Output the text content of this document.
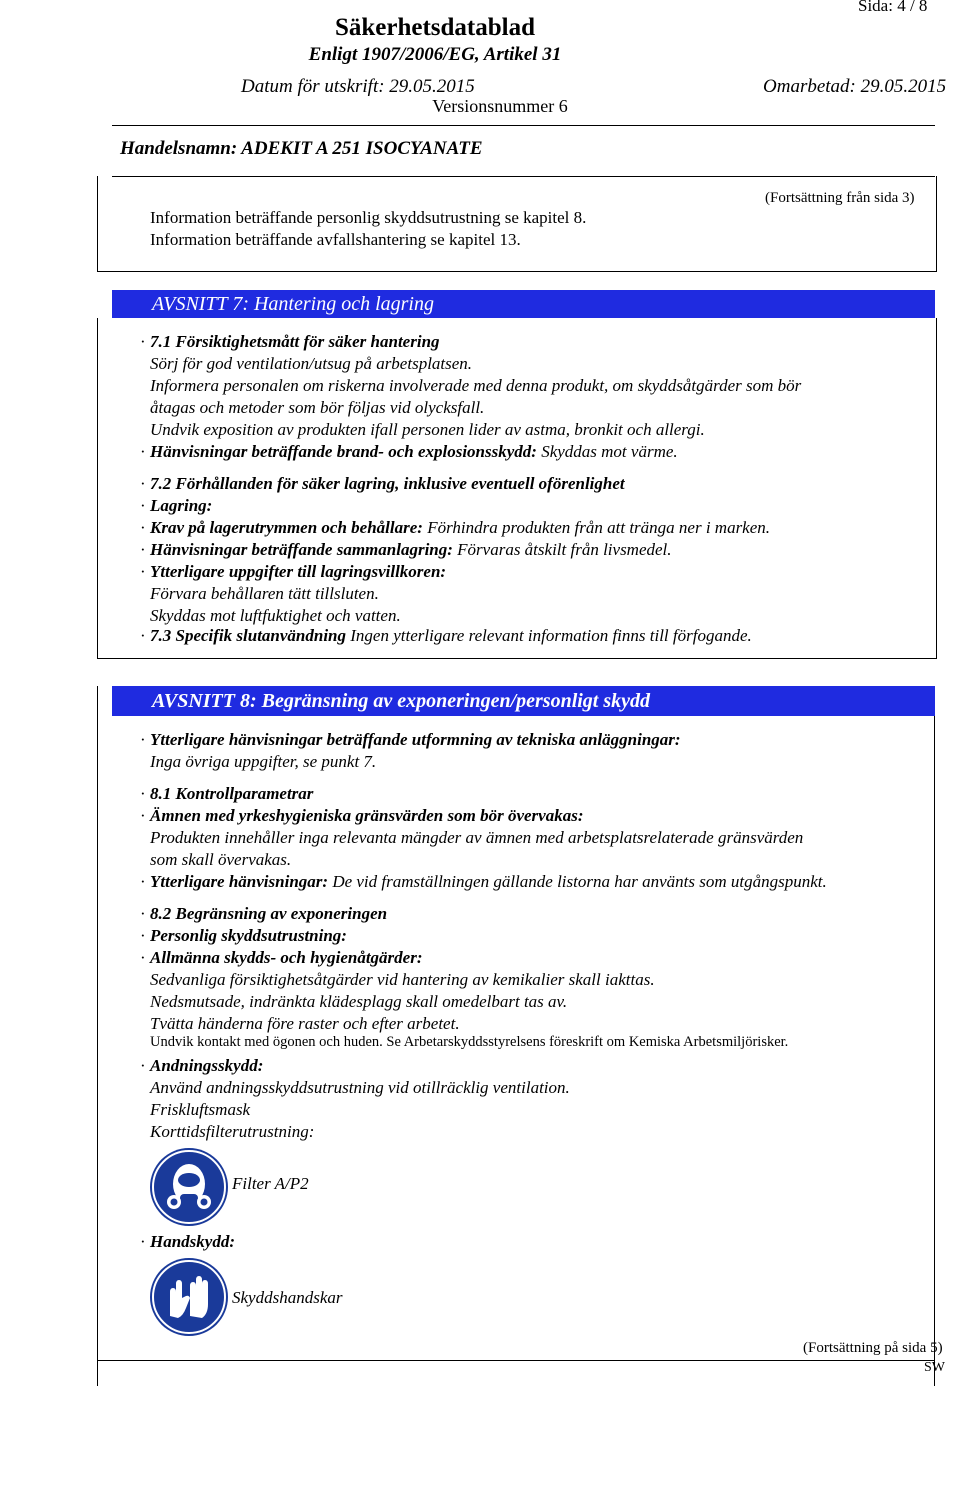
Sida: 4 / 8
Säkerhetsdatablad
Enligt 1907/2006/EG, Artikel 31
Datum för utskrift: 29.05.2015	Omarbetad: 29.05.2015
Versionsnummer 6
Handelsnamn: ADEKIT A 251 ISOCYANATE
(Fortsättning från sida 3)
Information beträffande personlig skyddsutrustning se kapitel 8.
Information beträffande avfallshantering se kapitel 13.
AVSNITT 7: Hantering och lagring
· 7.1 Försiktighetsmått för säker hantering
Sörj för god ventilation/utsug på arbetsplatsen.
Informera personalen om riskerna involverade med denna produkt, om skyddsåtgärder som bör
åtagas och metoder som bör följas vid olycksfall.
Undvik exposition av produkten ifall personen lider av astma, bronkit och allergi.
· Hänvisningar beträffande brand- och explosionsskydd: Skyddas mot värme.
· 7.2 Förhållanden för säker lagring, inklusive eventuell oförenlighet
· Lagring:
· Krav på lagerutrymmen och behållare: Förhindra produkten från att tränga ner i marken.
· Hänvisningar beträffande sammanlagring: Förvaras åtskilt från livsmedel.
· Ytterligare uppgifter till lagringsvillkoren:
Förvara behållaren tätt tillsluten.
Skyddas mot luftfuktighet och vatten.
· 7.3 Specifik slutanvändning Ingen ytterligare relevant information finns till förfogande.
AVSNITT 8: Begränsning av exponeringen/personligt skydd
· Ytterligare hänvisningar beträffande utformning av tekniska anläggningar:
Inga övriga uppgifter, se punkt 7.
· 8.1 Kontrollparametrar
· Ämnen med yrkeshygieniska gränsvärden som bör övervakas:
Produkten innehåller inga relevanta mängder av ämnen med arbetsplatsrelaterade gränsvärden
som skall övervakas.
· Ytterligare hänvisningar: De vid framställningen gällande listorna har använts som utgångspunkt.
· 8.2 Begränsning av exponeringen
· Personlig skyddsutrustning:
· Allmänna skydds- och hygienåtgärder:
Sedvanliga försiktighetsåtgärder vid hantering av kemikalier skall iakttas.
Nedsmutsade, indränkta klädesplagg skall omedelbart tas av.
Tvätta händerna före raster och efter arbetet.
Undvik kontakt med ögonen och huden. Se Arbetarskyddsstyrelsens föreskrift om Kemiska Arbetsmiljörisker.
· Andningsskydd:
Använd andningsskyddsutrustning vid otillräcklig ventilation.
Friskluftsmask
Korttidsfilterutrustning:
Filter A/P2
· Handskydd:
Skyddshandskar
(Fortsättning på sida 5)
SW
